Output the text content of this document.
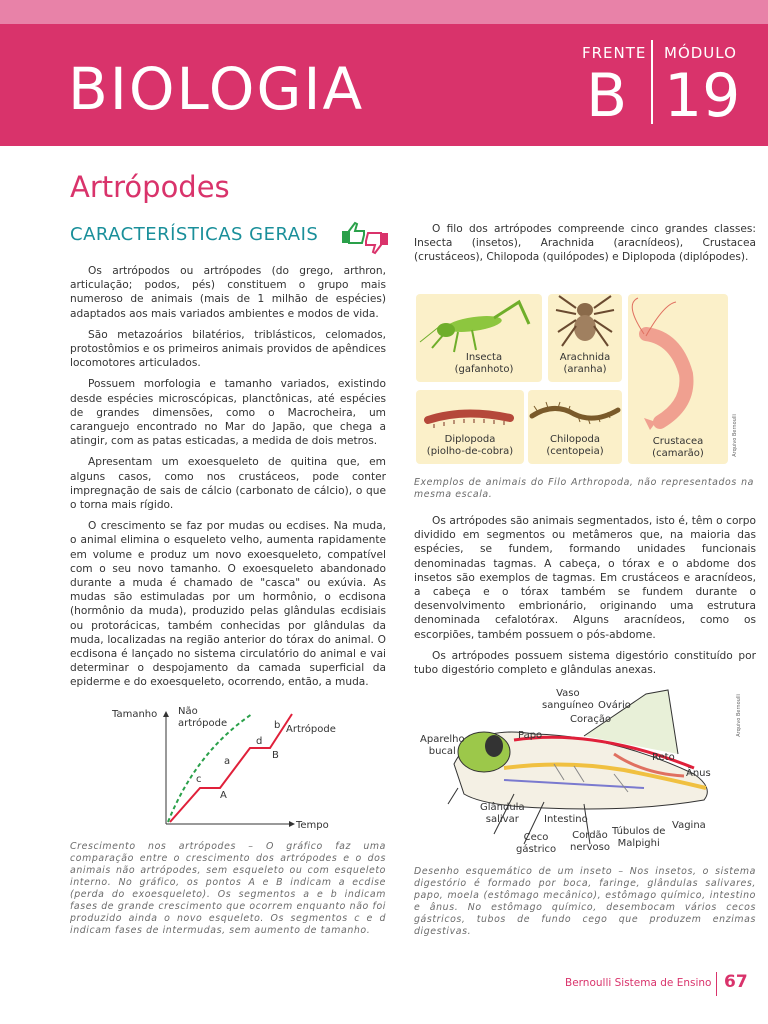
BIOLOGIA
FRENTE MÓDULO
B 19
Artrópodes
CARACTERÍSTICAS GERAIS

Os artrópodos ou artrópodes (do grego, arthron, articulação; podos, pés) constituem o grupo mais numeroso de animais (mais de 1 milhão de espécies) adaptados aos mais variados ambientes e modos de vida.

São metazoários bilatérios, triblásticos, celomados, protostômios e os primeiros animais providos de apêndices locomotores articulados.

Possuem morfologia e tamanho variados, existindo desde espécies microscópicas, planctônicas, até espécies de grandes dimensões, como o Macrocheira, um caranguejo encontrado no Mar do Japão, que chega a atingir, com as patas esticadas, a medida de dois metros.

Apresentam um exoesqueleto de quitina que, em alguns casos, como nos crustáceos, pode conter impregnação de sais de cálcio (carbonato de cálcio), o que o torna mais rígido.

O crescimento se faz por mudas ou ecdises. Na muda, o animal elimina o esqueleto velho, aumenta rapidamente em volume e produz um novo exoesqueleto, compatível com o seu novo tamanho. O exoesqueleto abandonado durante a muda é chamado de "casca" ou exúvia. As mudas são estimuladas por um hormônio, o ecdisona (hormônio da muda), produzido pelas glândulas ecdisiais ou protorácicas, também conhecidas por glândulas da muda, localizadas na região anterior do tórax do animal. O ecdisona é lançado no sistema circulatório do animal e vai determinar o despojamento da camada superficial da epiderme e do exoesqueleto, ocorrendo, então, a muda.

O filo dos artrópodes compreende cinco grandes classes: Insecta (insetos), Arachnida (aracnídeos), Crustacea (crustáceos), Chilopoda (quilópodes) e Diplopoda (diplópodes).

Insecta
(gafanhoto)
Arachnida
(aranha)
Diplopoda
(piolho-de-cobra)
Chilopoda
(centopeia)
Crustacea
(camarão)	Arquivo Bernoulli
Exemplos de animais do Filo Arthropoda, não representados na mesma escala.

Os artrópodes são animais segmentados, isto é, têm o corpo dividido em segmentos ou metâmeros que, na maioria das espécies, se fundem, formando unidades funcionais denominadas tagmas. A cabeça, o tórax e o abdome dos insetos são exemplos de tagmas. Em crustáceos e aracnídeos, a cabeça e o tórax também se fundem durante o desenvolvimento embrionário, originando uma estrutura denominada cefalotórax. Alguns aracnídeos, como os escorpiões, também possuem o pós-abdome.

Os artrópodes possuem sistema digestório constituído por tubo digestório completo e glândulas anexas.

Tamanho
Tempo
Não
artrópode
Artrópode
c
A
a
d
B
b
Crescimento nos artrópodes – O gráfico faz uma comparação entre o crescimento dos artrópodes e o dos animais não artrópodes, sem esqueleto ou com esqueleto interno. No gráfico, os pontos A e B indicam a ecdise (perda do exoesqueleto). Os segmentos a e b indicam fases de grande crescimento que ocorrem enquanto não foi produzido ainda o novo esqueleto. Os segmentos c e d indicam fases de intermudas, sem aumento de tamanho.
Vaso
sanguíneo Ovário
Coração
Papo
Aparelho
bucal
Reto
Ânus
Glândula
salivar	Intestino
Ceco
gástrico
Cordão
nervoso
Túbulos de
Malpighi
Vagina
Arquivo Bernoulli
Desenho esquemático de um inseto – Nos insetos, o sistema digestório é formado por boca, faringe, glândulas salivares, papo, moela (estômago mecânico), estômago químico, intestino e ânus. No estômago químico, desembocam vários cecos gástricos, tubos de fundo cego que produzem enzimas digestivas.
Bernoulli Sistema de Ensino 67
